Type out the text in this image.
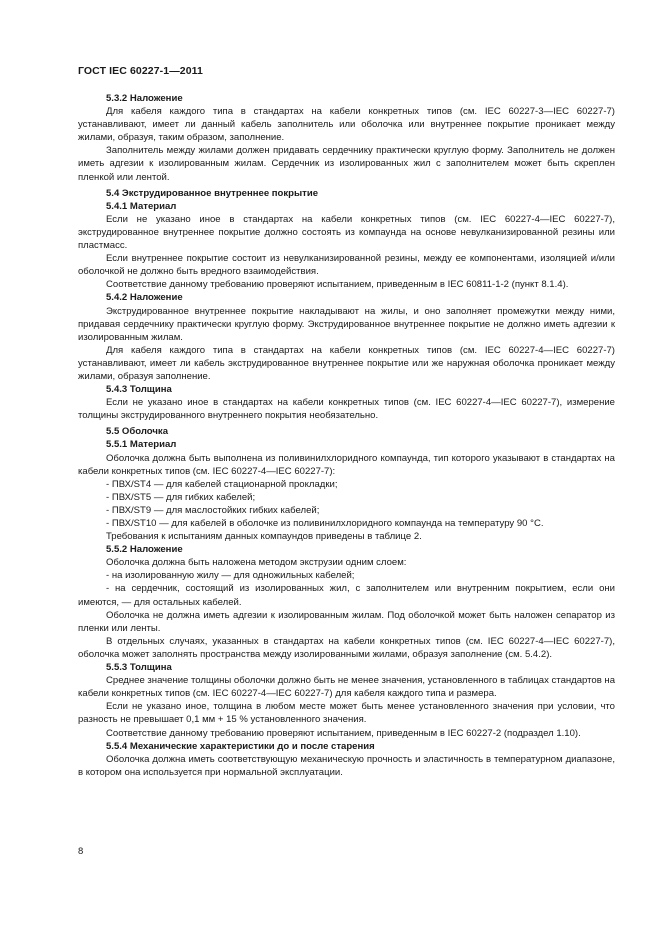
ГОСТ IEC 60227-1—2011

5.3.2 Наложение

Для кабеля каждого типа в стандартах на кабели конкретных типов (см. IEC 60227-3—IEC 60227-7) устанавливают, имеет ли данный кабель заполнитель или оболочка или внутреннее покрытие проникает между жилами, образуя, таким образом, заполнение.

Заполнитель между жилами должен придавать сердечнику практически круглую форму. Заполнитель не должен иметь адгезии к изолированным жилам. Сердечник из изолированных жил с заполнителем может быть скреплен пленкой или лентой.

5.4 Экструдированное внутреннее покрытие

5.4.1 Материал

Если не указано иное в стандартах на кабели конкретных типов (см. IEC 60227-4—IEC 60227-7), экструдированное внутреннее покрытие должно состоять из компаунда на основе невулканизированной резины или пластмасс.

Если внутреннее покрытие состоит из невулканизированной резины, между ее компонентами, изоляцией и/или оболочкой не должно быть вредного взаимодействия.

Соответствие данному требованию проверяют испытанием, приведенным в IEC 60811-1-2 (пункт 8.1.4).

5.4.2 Наложение

Экструдированное внутреннее покрытие накладывают на жилы, и оно заполняет промежутки между ними, придавая сердечнику практически круглую форму. Экструдированное внутреннее покрытие не должно иметь адгезии к изолированным жилам.

Для кабеля каждого типа в стандартах на кабели конкретных типов (см. IEC 60227-4—IEC 60227-7) устанавливают, имеет ли кабель экструдированное внутреннее покрытие или же наружная оболочка проникает между жилами, образуя заполнение.

5.4.3 Толщина

Если не указано иное в стандартах на кабели конкретных типов (см. IEC 60227-4—IEC 60227-7), измерение толщины экструдированного внутреннего покрытия необязательно.

5.5 Оболочка

5.5.1 Материал

Оболочка должна быть выполнена из поливинилхлоридного компаунда, тип которого указывают в стандартах на кабели конкретных типов (см. IEC 60227-4—IEC 60227-7):

- ПВХ/ST4 — для кабелей стационарной прокладки;

- ПВХ/ST5 — для гибких кабелей;

- ПВХ/ST9 — для маслостойких гибких кабелей;

- ПВХ/ST10 — для кабелей в оболочке из поливинилхлоридного компаунда на температуру 90 °С.

Требования к испытаниям данных компаундов приведены в таблице 2.

5.5.2 Наложение

Оболочка должна быть наложена методом экструзии одним слоем:

- на изолированную жилу — для одножильных кабелей;

- на сердечник, состоящий из изолированных жил, с заполнителем или внутренним покрытием, если они имеются, — для остальных кабелей.

Оболочка не должна иметь адгезии к изолированным жилам. Под оболочкой может быть наложен сепаратор из пленки или ленты.

В отдельных случаях, указанных в стандартах на кабели конкретных типов (см. IEC 60227-4—IEC 60227-7), оболочка может заполнять пространства между изолированными жилами, образуя заполнение (см. 5.4.2).

5.5.3 Толщина

Среднее значение толщины оболочки должно быть не менее значения, установленного в таблицах стандартов на кабели конкретных типов (см. IEC 60227-4—IEC 60227-7) для кабеля каждого типа и размера.

Если не указано иное, толщина в любом месте может быть менее установленного значения при условии, что разность не превышает 0,1 мм + 15 % установленного значения.

Соответствие данному требованию проверяют испытанием, приведенным в IEC 60227-2 (подраздел 1.10).

5.5.4 Механические характеристики до и после старения

Оболочка должна иметь соответствующую механическую прочность и эластичность в температурном диапазоне, в котором она используется при нормальной эксплуатации.

8
